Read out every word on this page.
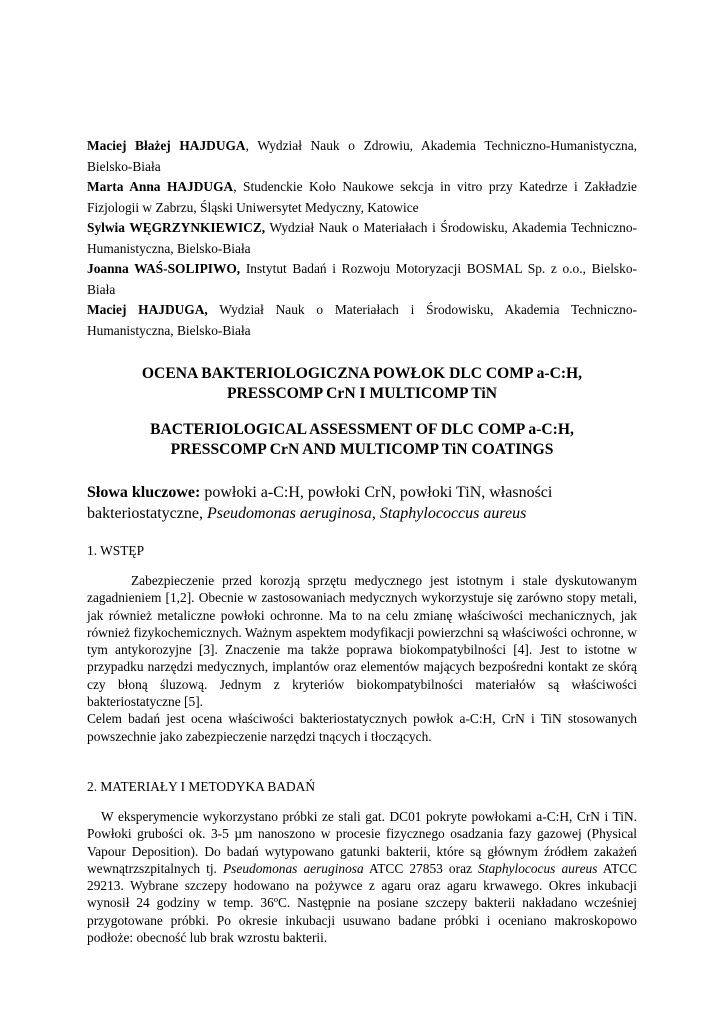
Maciej Błażej HAJDUGA, Wydział Nauk o Zdrowiu, Akademia Techniczno-Humanistyczna, Bielsko-Biała

Marta Anna HAJDUGA, Studenckie Koło Naukowe sekcja in vitro przy Katedrze i Zakładzie Fizjologii w Zabrzu, Śląski Uniwersytet Medyczny, Katowice

Sylwia WĘGRZYNKIEWICZ, Wydział Nauk o Materiałach i Środowisku, Akademia Techniczno-Humanistyczna, Bielsko-Biała

Joanna WAŚ-SOLIPIWO, Instytut Badań i Rozwoju Motoryzacji BOSMAL Sp. z o.o., Bielsko-Biała

Maciej HAJDUGA, Wydział Nauk o Materiałach i Środowisku, Akademia Techniczno-Humanistyczna, Bielsko-Biała

OCENA BAKTERIOLOGICZNA POWŁOK DLC COMP a-C:H,
PRESSCOMP CrN I MULTICOMP TiN
BACTERIOLOGICAL ASSESSMENT OF DLC COMP a-C:H,
PRESSCOMP CrN AND MULTICOMP TiN COATINGS
Słowa kluczowe: powłoki a-C:H, powłoki CrN, powłoki TiN, własności bakteriostatyczne, Pseudomonas aeruginosa, Staphylococcus aureus
1. WSTĘP

Zabezpieczenie przed korozją sprzętu medycznego jest istotnym i stale dyskutowanym zagadnieniem [1,2]. Obecnie w zastosowaniach medycznych wykorzystuje się zarówno stopy metali, jak również metaliczne powłoki ochronne. Ma to na celu zmianę właściwości mechanicznych, jak również fizykochemicznych. Ważnym aspektem modyfikacji powierzchni są właściwości ochronne, w tym antykorozyjne [3]. Znaczenie ma także poprawa biokompatybilności [4]. Jest to istotne w przypadku narzędzi medycznych, implantów oraz elementów mających bezpośredni kontakt ze skórą czy błoną śluzową. Jednym z kryteriów biokompatybilności materiałów są właściwości bakteriostatyczne [5].

Celem badań jest ocena właściwości bakteriostatycznych powłok a-C:H, CrN i TiN stosowanych powszechnie jako zabezpieczenie narzędzi tnących i tłoczących.

2. MATERIAŁY I METODYKA BADAŃ

W eksperymencie wykorzystano próbki ze stali gat. DC01 pokryte powłokami a-C:H, CrN i TiN. Powłoki grubości ok. 3-5 µm nanoszono w procesie fizycznego osadzania fazy gazowej (Physical Vapour Deposition). Do badań wytypowano gatunki bakterii, które są głównym źródłem zakażeń wewnątrzszpitalnych tj. Pseudomonas aeruginosa ATCC 27853 oraz Staphylococus aureus ATCC 29213. Wybrane szczepy hodowano na pożywce z agaru oraz agaru krwawego. Okres inkubacji wynosił 24 godziny w temp. 36ºC. Następnie na posiane szczepy bakterii nakładano wcześniej przygotowane próbki. Po okresie inkubacji usuwano badane próbki i oceniano makroskopowo podłoże: obecność lub brak wzrostu bakterii.
